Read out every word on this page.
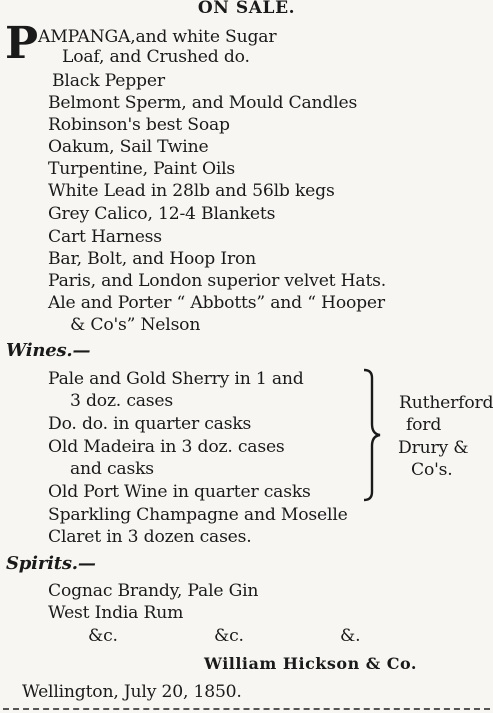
ON SALE.
P AMPANGA,and white Sugar
Loaf, and Crushed do.
Black Pepper
Belmont Sperm, and Mould Candles
Robinson's best Soap
Oakum, Sail Twine
Turpentine, Paint Oils
White Lead in 28lb and 56lb kegs
Grey Calico, 12-4 Blankets
Cart Harness
Bar, Bolt, and Hoop Iron
Paris, and London superior velvet Hats.
Ale and Porter “ Abbotts” and “ Hooper
& Co's” Nelson
Wines.—
Pale and Gold Sherry in 1 and
3 doz. cases
Do. do. in quarter casks
Old Madeira in 3 doz. cases
and casks
Old Port Wine in quarter casks
Rutherford
ford
Drury &
Co's.
Sparkling Champagne and Moselle
Claret in 3 dozen cases.
Spirits.—
Cognac Brandy, Pale Gin
West India Rum
&c.	&c.	&.
William Hickson & Co.
Wellington, July 20, 1850.
